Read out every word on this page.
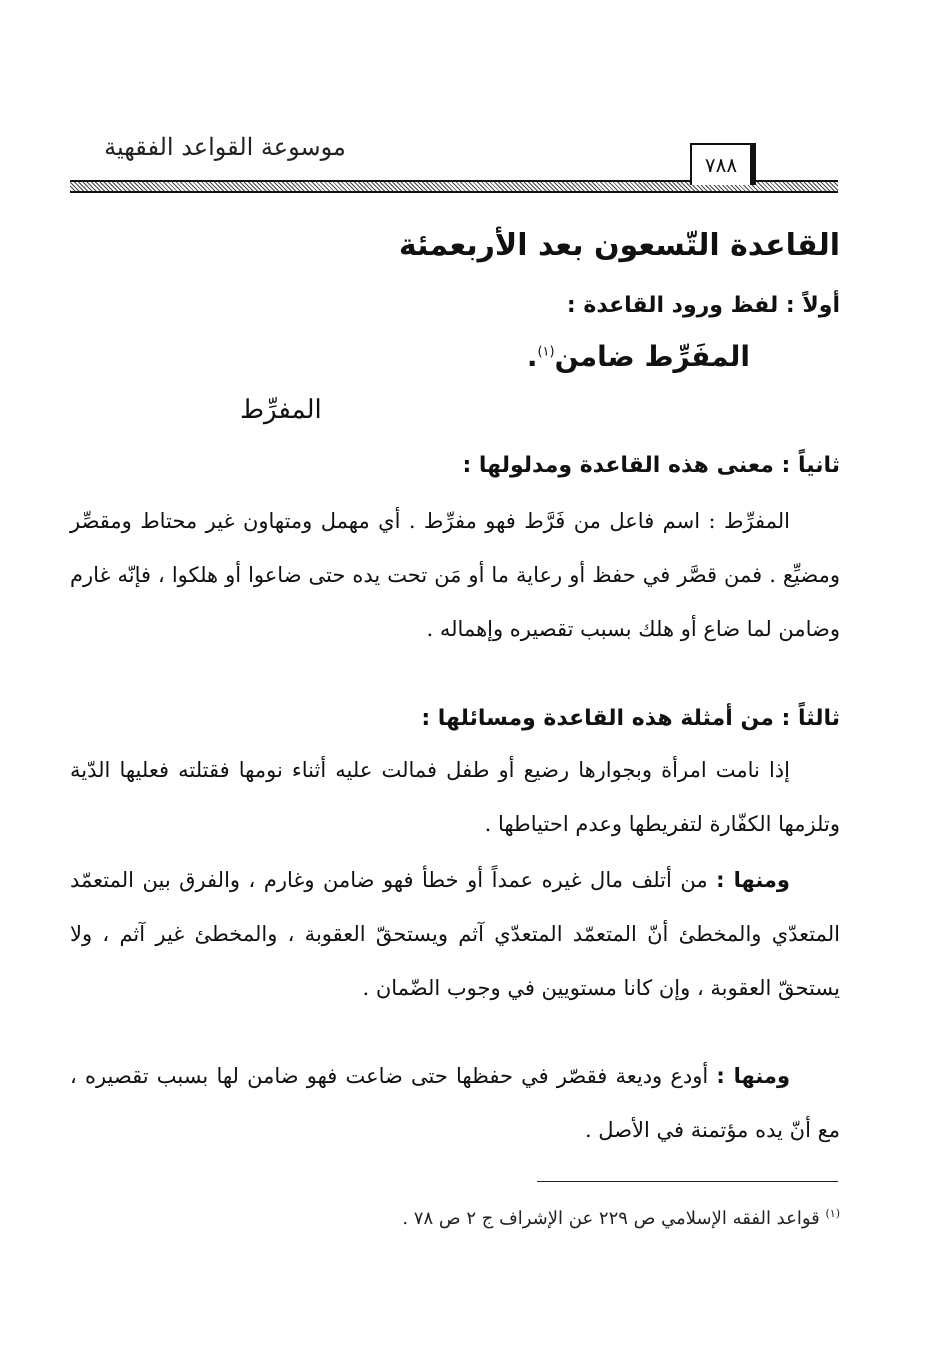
موسوعة القواعد الفقهية
٧٨٨
القاعدة التّسعون بعد الأربعمئة
أولاً : لفظ ورود القاعدة :
المفَرِّط ضامن$^{(١)}$.
المفرِّط
ثانياً : معنى هذه القاعدة ومدلولها :
المفرِّط : اسم فاعل من فَرَّط فهو مفرِّط . أي مهمل ومتهاون غير محتاط ومقصِّر ومضيِّع . فمن قصَّر في حفظ أو رعاية ما أو مَن تحت يده حتى ضاعوا أو هلكوا ، فإنّه غارم وضامن لما ضاع أو هلك بسبب تقصيره وإهماله .
ثالثاً : من أمثلة هذه القاعدة ومسائلها :
إذا نامت امرأة وبجوارها رضيع أو طفل فمالت عليه أثناء نومها فقتلته فعليها الدّية وتلزمها الكفّارة لتفريطها وعدم احتياطها .
ومنها : من أتلف مال غيره عمداً أو خطأ فهو ضامن وغارم ، والفرق بين المتعمّد المتعدّي والمخطئ أنّ المتعمّد المتعدّي آثم ويستحقّ العقوبة ، والمخطئ غير آثم ، ولا يستحقّ العقوبة ، وإن كانا مستويين في وجوب الضّمان .
ومنها : أودع وديعة فقصّر في حفظها حتى ضاعت فهو ضامن لها بسبب تقصيره ، مع أنّ يده مؤتمنة في الأصل .
$^{(١)}$ قواعد الفقه الإسلامي ص ٢٢٩ عن الإشراف ج ٢ ص ٧٨ .
